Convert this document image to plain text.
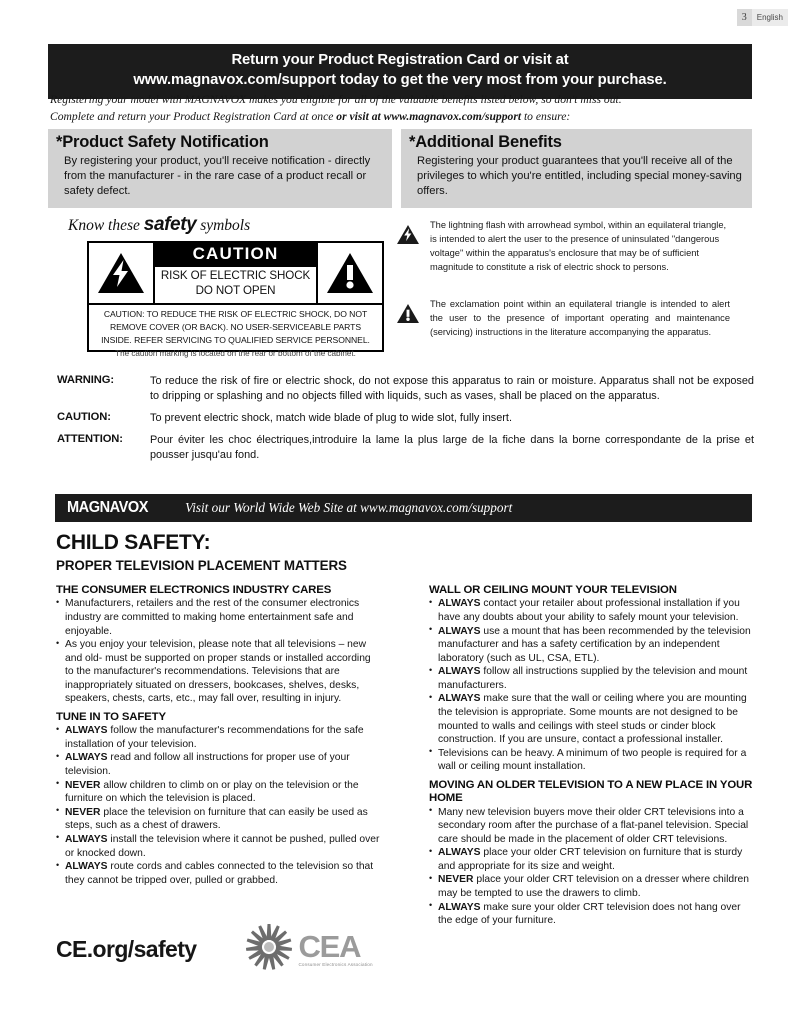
3	English
Return your Product Registration Card or visit at
www.magnavox.com/support today to get the very most from your purchase.
Registering your model with MAGNAVOX makes you eligible for all of the valuable benefits listed below, so don't miss out.
Complete and return your Product Registration Card at once or visit at www.magnavox.com/support to ensure:
*Product Safety Notification

By registering your product, you'll receive notification - directly from the manufacturer - in the rare case of a product recall or safety defect.

*Additional Benefits

Registering your product guarantees that you'll receive all of the privileges to which you're entitled, including special money-saving offers.

Know these safety symbols
CAUTION
RISK OF ELECTRIC SHOCK
DO NOT OPEN
CAUTION: TO REDUCE THE RISK OF ELECTRIC SHOCK, DO NOT
REMOVE COVER (OR BACK). NO USER-SERVICEABLE PARTS
INSIDE. REFER SERVICING TO QUALIFIED SERVICE PERSONNEL.
The caution marking is located on the rear or bottom of the cabinet.
The lightning flash with arrowhead symbol, within an equilateral triangle, is intended to alert the user to the presence of uninsulated "dangerous voltage" within the apparatus's enclosure that may be of sufficient magnitude to constitute a risk of electric shock to persons.
The exclamation point within an equilateral triangle is intended to alert the user to the presence of important operating and maintenance (servicing) instructions in the literature accompanying the apparatus.
WARNING:	To reduce the risk of fire or electric shock, do not expose this apparatus to rain or moisture. Apparatus shall not be exposed to dripping or splashing and no objects filled with liquids, such as vases, shall be placed on the apparatus.
CAUTION:	To prevent electric shock, match wide blade of plug to wide slot, fully insert.
ATTENTION:	Pour éviter les choc électriques,introduire la lame la plus large de la fiche dans la borne correspondante de la prise et pousser jusqu'au fond.
MAGNAVOX	Visit our World Wide Web Site at www.magnavox.com/support
CHILD SAFETY:
PROPER TELEVISION PLACEMENT MATTERS
THE CONSUMER ELECTRONICS INDUSTRY CARES
• Manufacturers, retailers and the rest of the consumer electronics industry are committed to making home entertainment safe and enjoyable.
• As you enjoy your television, please note that all televisions – new and old- must be supported on proper stands or installed according to the manufacturer's recommendations. Televisions that are inappropriately situated on dressers, bookcases, shelves, desks, speakers, chests, carts, etc., may fall over, resulting in injury.
TUNE IN TO SAFETY
• ALWAYS follow the manufacturer's recommendations for the safe installation of your television.
• ALWAYS read and follow all instructions for proper use of your television.
• NEVER allow children to climb on or play on the television or the furniture on which the television is placed.
• NEVER place the television on furniture that can easily be used as steps, such as a chest of drawers.
• ALWAYS install the television where it cannot be pushed, pulled over or knocked down.
• ALWAYS route cords and cables connected to the television so that they cannot be tripped over, pulled or grabbed.
WALL OR CEILING MOUNT YOUR TELEVISION
• ALWAYS contact your retailer about professional installation if you have any doubts about your ability to safely mount your television.
• ALWAYS use a mount that has been recommended by the television manufacturer and has a safety certification by an independent laboratory (such as UL, CSA, ETL).
• ALWAYS follow all instructions supplied by the television and mount manufacturers.
• ALWAYS make sure that the wall or ceiling where you are mounting the television is appropriate. Some mounts are not designed to be mounted to walls and ceilings with steel studs or cinder block construction. If you are unsure, contact a professional installer.
• Televisions can be heavy. A minimum of two people is required for a wall or ceiling mount installation.
MOVING AN OLDER TELEVISION TO A NEW PLACE IN YOUR HOME
• Many new television buyers move their older CRT televisions into a secondary room after the purchase of a flat-panel television. Special care should be made in the placement of older CRT televisions.
• ALWAYS place your older CRT television on furniture that is sturdy and appropriate for its size and weight.
• NEVER place your older CRT television on a dresser where children may be tempted to use the drawers to climb.
• ALWAYS make sure your older CRT television does not hang over the edge of your furniture.
CE.org/safety	CEA
Consumer Electronics Association
